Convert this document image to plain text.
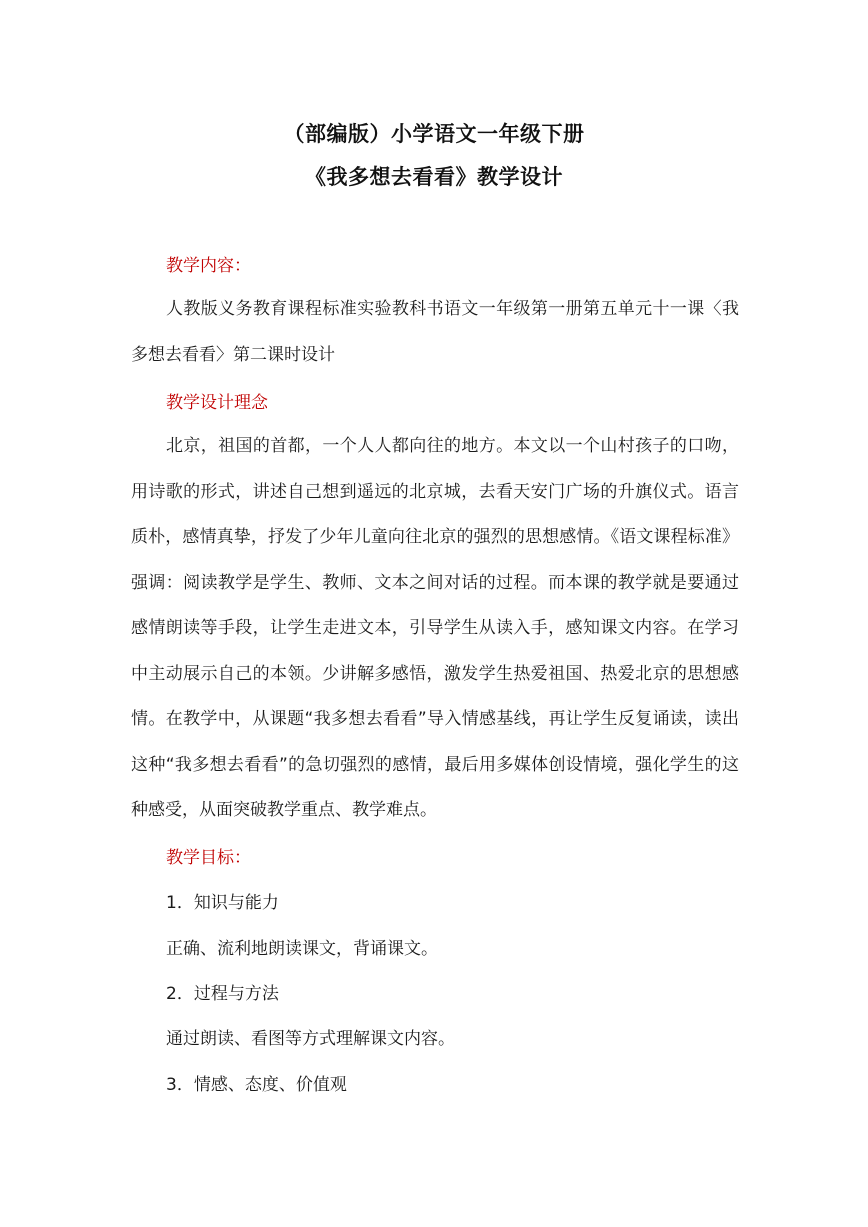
（部编版）小学语文一年级下册
《我多想去看看》教学设计
教学内容：
人教版义务教育课程标准实验教科书语文一年级第一册第五单元十一课〈我多想去看看〉第二课时设计
教学设计理念
北京，祖国的首都，一个人人都向往的地方。本文以一个山村孩子的口吻，用诗歌的形式，讲述自己想到遥远的北京城，去看天安门广场的升旗仪式。语言质朴，感情真挚，抒发了少年儿童向往北京的强烈的思想感情。《语文课程标准》强调：阅读教学是学生、教师、文本之间对话的过程。而本课的教学就是要通过感情朗读等手段，让学生走进文本，引导学生从读入手，感知课文内容。在学习中主动展示自己的本领。少讲解多感悟，激发学生热爱祖国、热爱北京的思想感情。在教学中，从课题“我多想去看看”导入情感基线，再让学生反复诵读，读出这种“我多想去看看”的急切强烈的感情，最后用多媒体创设情境，强化学生的这种感受，从面突破教学重点、教学难点。
教学目标：
1．知识与能力
正确、流利地朗读课文，背诵课文。
2．过程与方法
通过朗读、看图等方式理解课文内容。
3．情感、态度、价值观
